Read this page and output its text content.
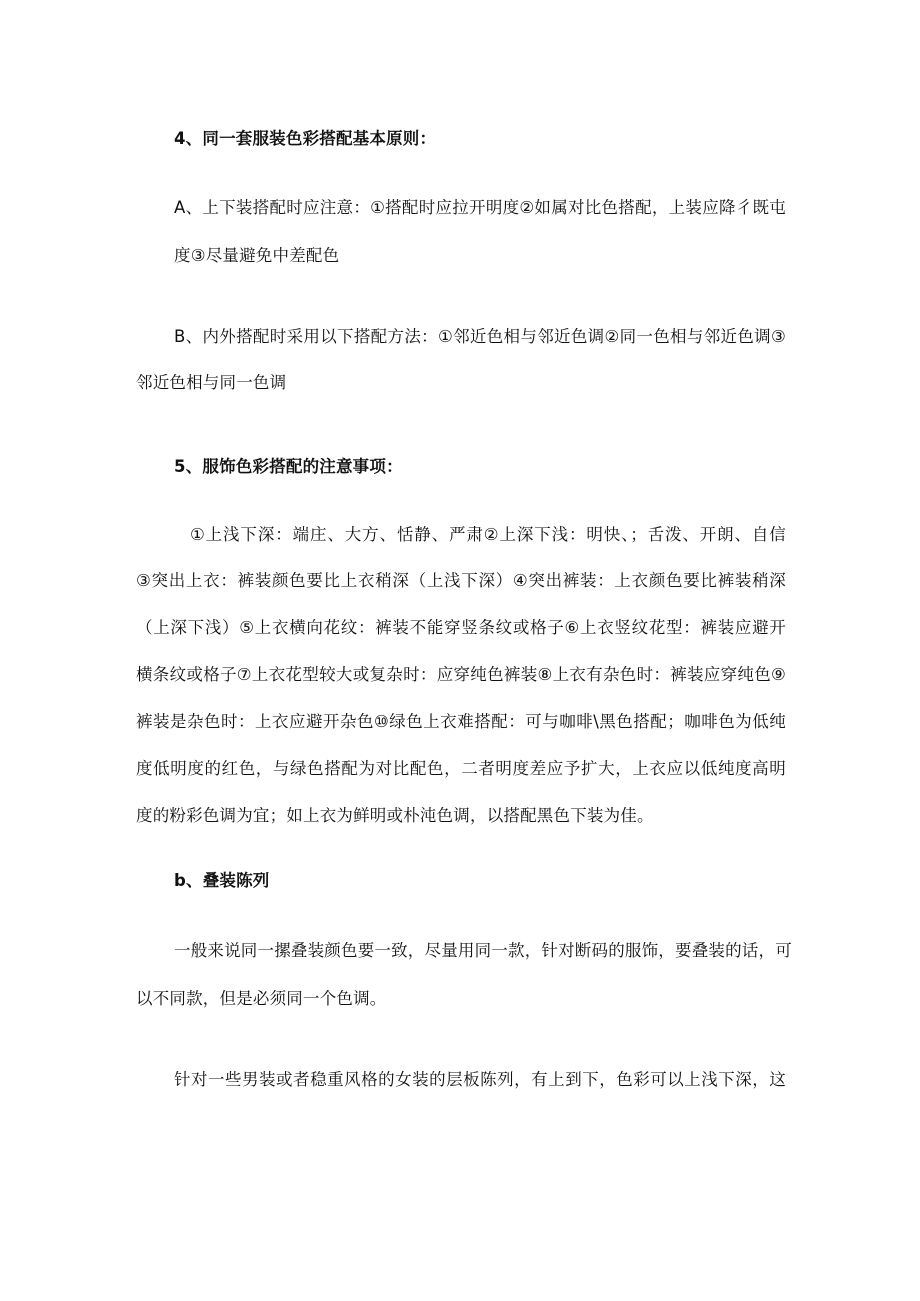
4、同一套服装色彩搭配基本原则：
A、上下装搭配时应注意：①搭配时应拉开明度②如属对比色搭配，上装应降彳既屯
度③尽量避免中差配色
B、内外搭配时采用以下搭配方法：①邻近色相与邻近色调②同一色相与邻近色调③
邻近色相与同一色调
5、服饰色彩搭配的注意事项：
①上浅下深：端庄、大方、恬静、严肃②上深下浅：明快、；舌泼、开朗、自信
③突出上衣：裤装颜色要比上衣稍深（上浅下深）④突出裤装：上衣颜色要比裤装稍深
（上深下浅）⑤上衣横向花纹：裤装不能穿竖条纹或格子⑥上衣竖纹花型：裤装应避开
横条纹或格子⑦上衣花型较大或复杂时：应穿纯色裤装⑧上衣有杂色时：裤装应穿纯色⑨
裤装是杂色时：上衣应避开杂色⑩绿色上衣难搭配：可与咖啡\黑色搭配；咖啡色为低纯
度低明度的红色，与绿色搭配为对比配色，二者明度差应予扩大，上衣应以低纯度高明
度的粉彩色调为宜；如上衣为鲜明或朴沌色调，以搭配黑色下装为佳。
b、叠装陈列
一般来说同一摞叠装颜色要一致，尽量用同一款，针对断码的服饰，要叠装的话，可
以不同款，但是必须同一个色调。
针对一些男装或者稳重风格的女装的层板陈列，有上到下，色彩可以上浅下深，这
